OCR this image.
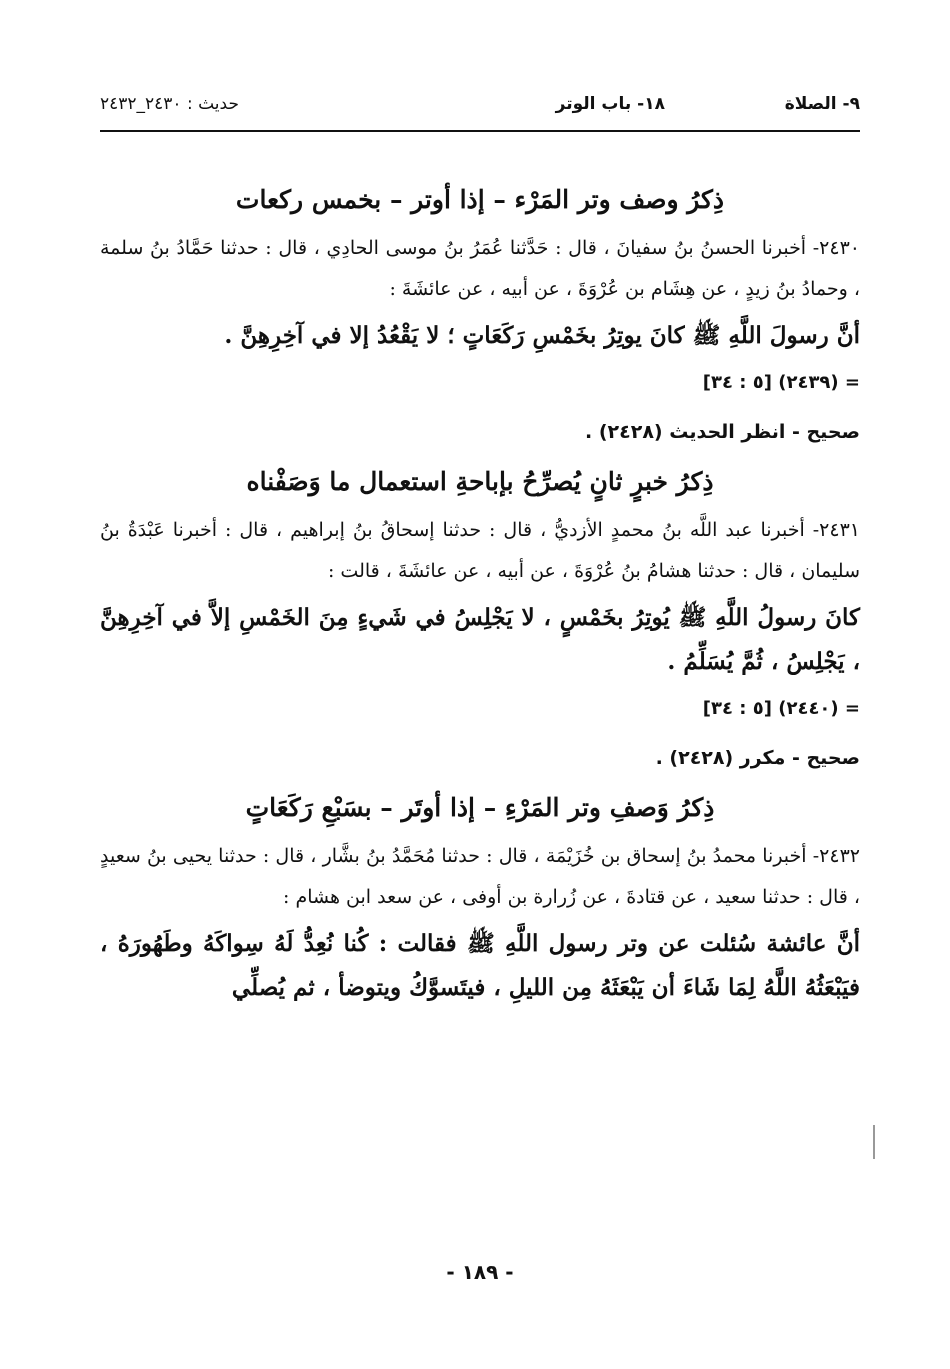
٩- الصلاة
١٨- باب الوتر
حديث : ٢٤٣٠_٢٤٣٢
ذِكرُ وصف وتر المَرْء – إذا أوتر – بخمس ركعات

٢٤٣٠- أخبرنا الحسنُ بنُ سفيانَ ، قال : حَدَّثنا عُمَرُ بنُ موسى الحادِي ، قال : حدثنا حَمَّادُ بنُ سلمة ، وحمادُ بنُ زيدٍ ، عن هِشَام بن عُرْوَةَ ، عن أبيه ، عن عائشَةَ :

أنَّ رسولَ اللَّهِ ﷺ كانَ يوتِرُ بخَمْسِ رَكَعَاتٍ ؛ لا يَقْعُدُ إلا في آخِرِهِنَّ .

= (٢٤٣٩) [٥ : ٣٤]

صحيح - انظر الحديث (٢٤٢٨) .

ذِكرُ خبرٍ ثانٍ يُصرِّحُ بإباحةِ استعمال ما وَصَفْناه

٢٤٣١- أخبرنا عبد اللَّه بنُ محمدٍ الأزديُّ ، قال : حدثنا إسحاقُ بنُ إبراهيم ، قال : أخبرنا عَبْدَةُ بنُ سليمان ، قال : حدثنا هشامُ بنُ عُرْوَةَ ، عن أبيه ، عن عائشَةَ ، قالت :

كانَ رسولُ اللَّهِ ﷺ يُوتِرُ بخَمْسٍ ، لا يَجْلِسُ في شَيءٍ مِنَ الخَمْسِ إلاَّ في آخِرِهِنَّ ، يَجْلِسُ ، ثُمَّ يُسَلِّمُ .

= (٢٤٤٠) [٥ : ٣٤]

صحيح - مكرر (٢٤٢٨) .

ذِكرُ وَصفِ وتر المَرْءِ – إذا أوتَر – بسَبْعِ رَكَعَاتٍ

٢٤٣٢- أخبرنا محمدُ بنُ إسحاق بن خُزَيْمَة ، قال : حدثنا مُحَمَّدُ بنُ بشَّار ، قال : حدثنا يحيى بنُ سعيدٍ ، قال : حدثنا سعيد ، عن قتادةَ ، عن زُرارة بن أوفى ، عن سعد ابن هشام :

أنَّ عائشة سُئلت عن وتر رسول اللَّهِ ﷺ فقالت : كُنا نُعِدُّ لَهُ سِواكَهُ وطَهُورَهُ ، فيَبْعَثُهُ اللَّهُ لِمَا شَاءَ أن يَبْعَثَهُ مِن الليلِ ، فيتَسوَّكُ ويتوضأ ، ثم يُصلِّي

- ١٨٩ -
